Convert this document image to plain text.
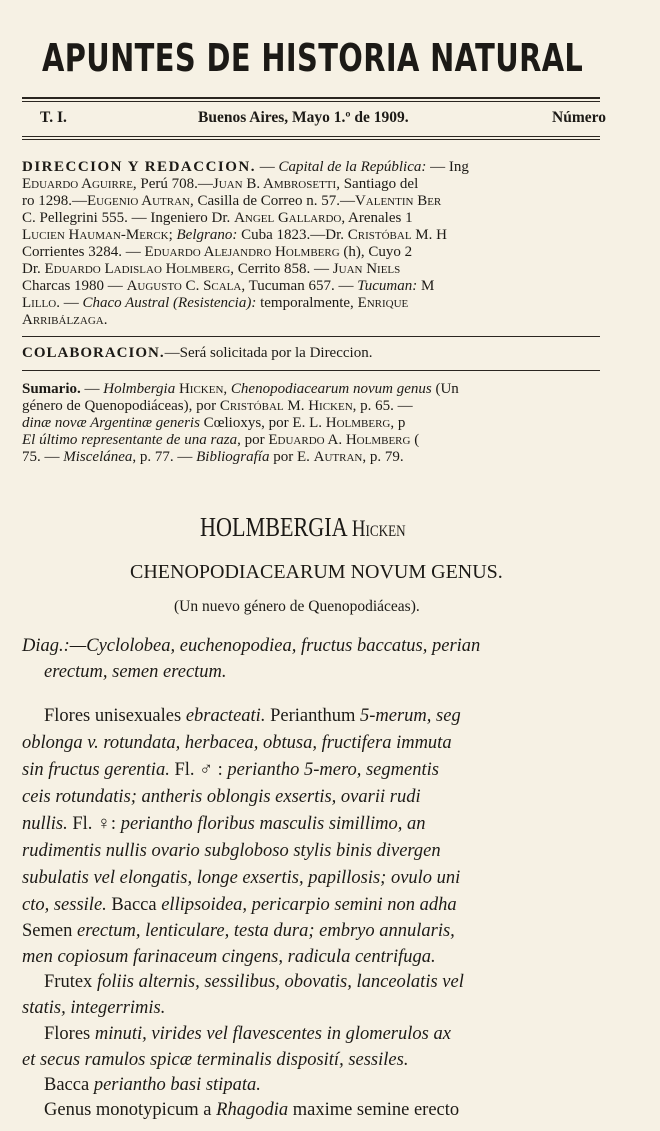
APUNTES DE HISTORIA NATURAL
T. I.	Buenos Aires, Mayo 1.º de 1909.	Número
DIRECCION Y REDACCION. — Capital de la República: — Ing
Eduardo Aguirre, Perú 708.—Juan B. Ambrosetti, Santiago del
ro 1298.—Eugenio Autran, Casilla de Correo n. 57.—Valentin Ber
C. Pellegrini 555. — Ingeniero Dr. Angel Gallardo, Arenales 1
Lucien Hauman-Merck; Belgrano: Cuba 1823.—Dr. Cristóbal M. H
Corrientes 3284. — Eduardo Alejandro Holmberg (h), Cuyo 2
Dr. Eduardo Ladislao Holmberg, Cerrito 858. — Juan Niels
Charcas 1980 — Augusto C. Scala, Tucuman 657. — Tucuman: M
Lillo. — Chaco Austral (Resistencia): temporalmente, Enrique
Arribálzaga.
COLABORACION.—Será solicitada por la Direccion.
Sumario. — Holmbergia Hicken, Chenopodiacearum novum genus (Un
género de Quenopodiáceas), por Cristóbal M. Hicken, p. 65. —
dinæ novæ Argentinæ generis Cœlioxys, por E. L. Holmberg, p
El último representante de una raza, por Eduardo A. Holmberg (
75. — Miscelánea, p. 77. — Bibliografía por E. Autran, p. 79.
HOLMBERGIA Hicken
CHENOPODIACEARUM NOVUM GENUS.
(Un nuevo género de Quenopodiáceas).
Diag.:—Cyclolobea, euchenopodiea, fructus baccatus, perian
erectum, semen erectum.
Flores unisexuales ebracteati. Perianthum 5-merum, seg
oblonga v. rotundata, herbacea, obtusa, fructifera immuta
sin fructus gerentia. Fl. ♂ : periantho 5-mero, segmentis
ceis rotundatis; antheris oblongis exsertis, ovarii rudi
nullis. Fl. ♀: periantho floribus masculis simillimo, an
rudimentis nullis ovario subgloboso stylis binis divergen
subulatis vel elongatis, longe exsertis, papillosis; ovulo uni
cto, sessile. Bacca ellipsoidea, pericarpio semini non adha
Semen erectum, lenticulare, testa dura; embryo annularis,
men copiosum farinaceum cingens, radicula centrifuga.
Frutex foliis alternis, sessilibus, obovatis, lanceolatis vel
statis, integerrimis.
Flores minuti, virides vel flavescentes in glomerulos ax
et secus ramulos spicæ terminalis disposití, sessiles.
Bacca periantho basi stipata.
Genus monotypicum a Rhagodia maxime semine erecto
